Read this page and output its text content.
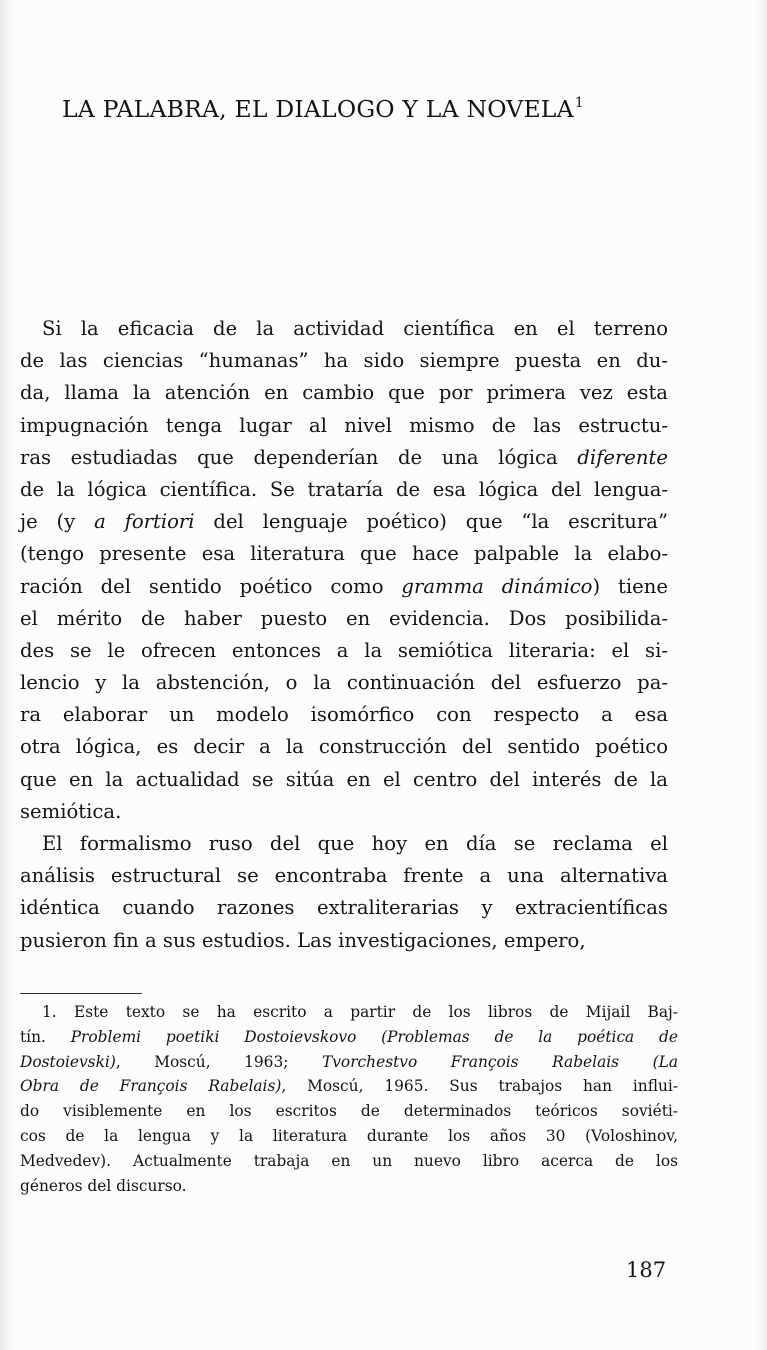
LA PALABRA, EL DIALOGO Y LA NOVELA$^1$
Si la eficacia de la actividad científica en el terreno
de las ciencias “humanas” ha sido siempre puesta en du-
da, llama la atención en cambio que por primera vez esta
impugnación tenga lugar al nivel mismo de las estructu-
ras estudiadas que dependerían de una lógica diferente
de la lógica científica. Se trataría de esa lógica del lengua-
je (y a fortiori del lenguaje poético) que “la escritura”
(tengo presente esa literatura que hace palpable la elabo-
ración del sentido poético como gramma dinámico) tiene
el mérito de haber puesto en evidencia. Dos posibilida-
des se le ofrecen entonces a la semiótica literaria: el si-
lencio y la abstención, o la continuación del esfuerzo pa-
ra elaborar un modelo isomórfico con respecto a esa
otra lógica, es decir a la construcción del sentido poético
que en la actualidad se sitúa en el centro del interés de la
semiótica.
El formalismo ruso del que hoy en día se reclama el
análisis estructural se encontraba frente a una alternativa
idéntica cuando razones extraliterarias y extracientíficas
pusieron fin a sus estudios. Las investigaciones, empero,
1. Este texto se ha escrito a partir de los libros de Mijail Baj-
tín. Problemi poetiki Dostoievskovo (Problemas de la poética de
Dostoievski), Moscú, 1963; Tvorchestvo François Rabelais (La
Obra de François Rabelais), Moscú, 1965. Sus trabajos han influi-
do visiblemente en los escritos de determinados teóricos soviéti-
cos de la lengua y la literatura durante los años 30 (Voloshinov,
Medvedev). Actualmente trabaja en un nuevo libro acerca de los
géneros del discurso.
187
